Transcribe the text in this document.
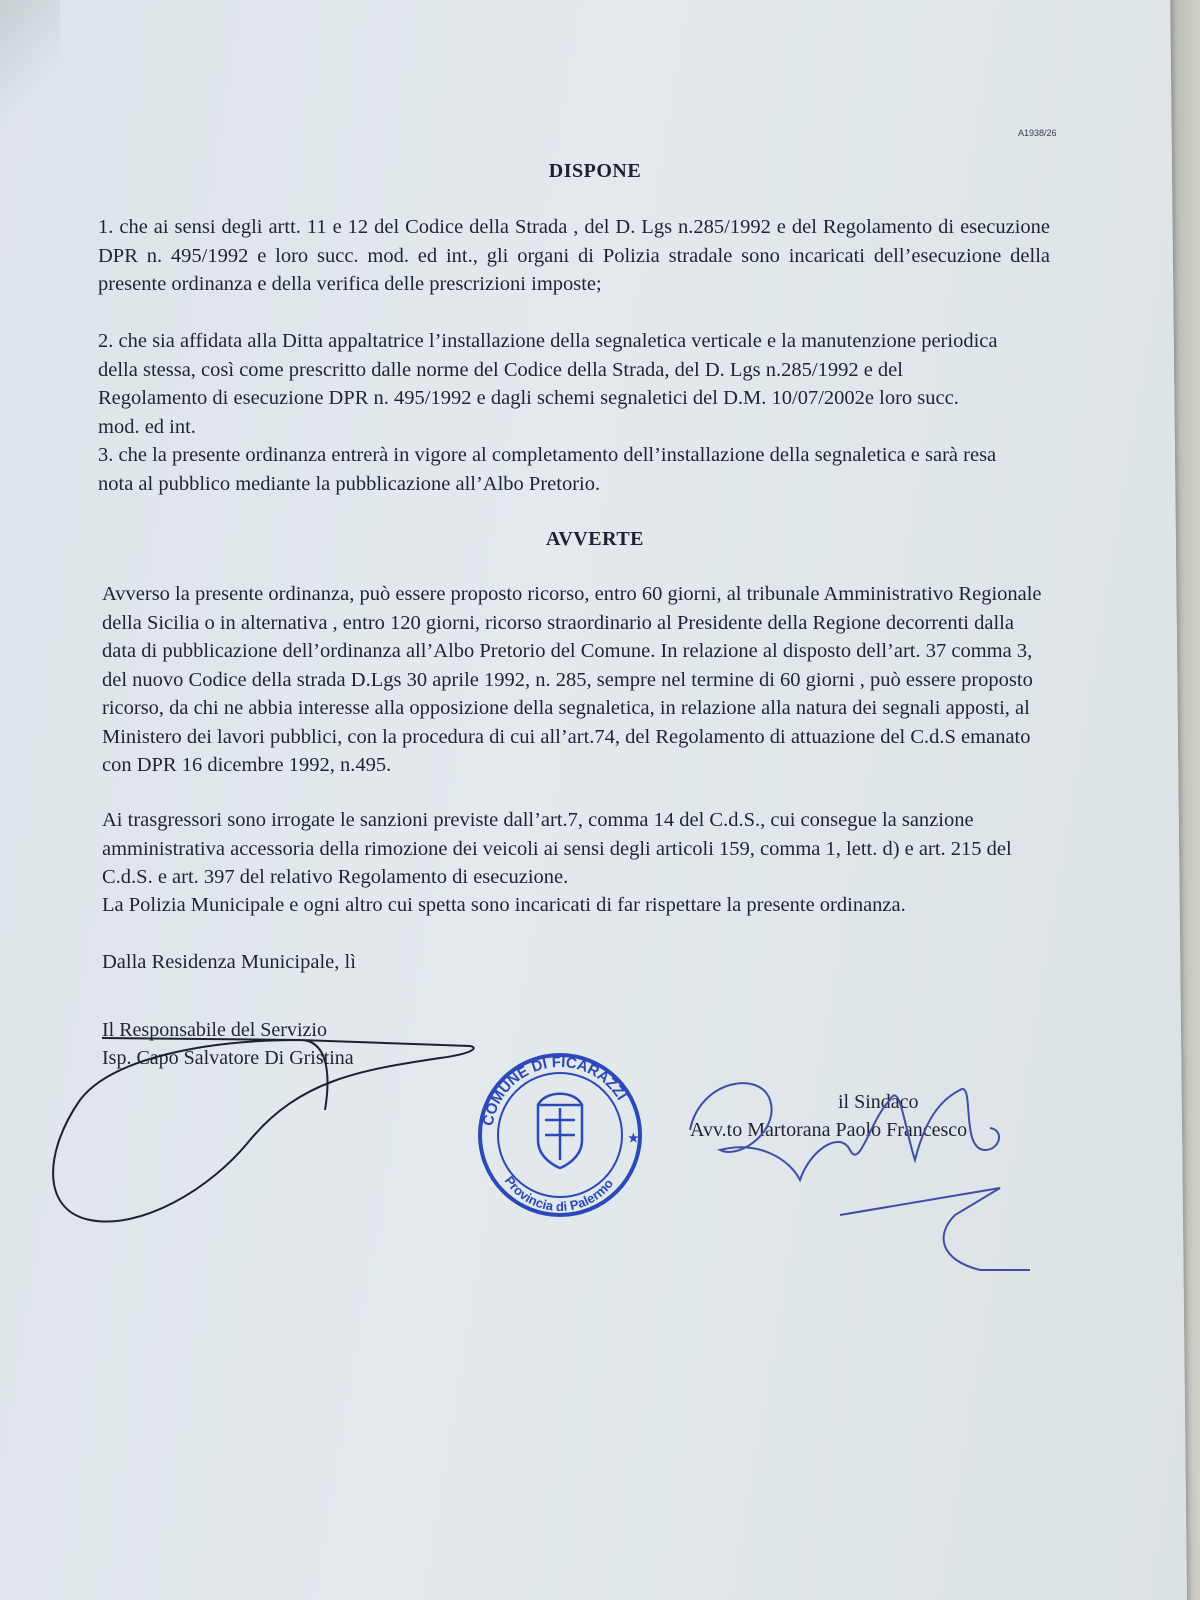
A1938/26
DISPONE
1. che ai sensi degli artt. 11 e 12 del Codice della Strada , del D. Lgs n.285/1992 e del Regolamento di esecuzione DPR n. 495/1992 e loro succ. mod. ed int., gli organi di Polizia stradale sono incaricati dell’esecuzione della presente ordinanza e della verifica delle prescrizioni imposte;
2. che sia affidata alla Ditta appaltatrice l’installazione della segnaletica verticale e la manutenzione periodica della stessa, così come prescritto dalle norme del Codice della Strada, del D. Lgs n.285/1992 e del Regolamento di esecuzione DPR n. 495/1992 e dagli schemi segnaletici del D.M. 10/07/2002e loro succ. mod. ed int.
3. che la presente ordinanza entrerà in vigore al completamento dell’installazione della segnaletica e sarà resa nota al pubblico mediante la pubblicazione all’Albo Pretorio.
AVVERTE
Avverso la presente ordinanza, può essere proposto ricorso, entro 60 giorni, al tribunale Amministrativo Regionale della Sicilia o in alternativa , entro 120 giorni, ricorso straordinario al Presidente della Regione decorrenti dalla data di pubblicazione dell’ordinanza all’Albo Pretorio del Comune. In relazione al disposto dell’art. 37 comma 3, del nuovo Codice della strada D.Lgs 30 aprile 1992, n. 285, sempre nel termine di 60 giorni , può essere proposto ricorso, da chi ne abbia interesse alla opposizione della segnaletica, in relazione alla natura dei segnali apposti, al Ministero dei lavori pubblici, con la procedura di cui all’art.74, del Regolamento di attuazione del C.d.S emanato con DPR 16 dicembre 1992, n.495.
Ai trasgressori sono irrogate le sanzioni previste dall’art.7, comma 14 del C.d.S., cui consegue la sanzione amministrativa accessoria della rimozione dei veicoli ai sensi degli articoli 159, comma 1, lett. d) e art. 215 del C.d.S. e art. 397 del relativo Regolamento di esecuzione.
La Polizia Municipale e ogni altro cui spetta sono incaricati di far rispettare la presente ordinanza.
Dalla Residenza Municipale, lì
Il Responsabile del Servizio
Isp. Capo Salvatore Di Gristina
il Sindaco
Avv.to Martorana Paolo Francesco
COMUNE DI FICARAZZI
Provincia di Palermo
★
